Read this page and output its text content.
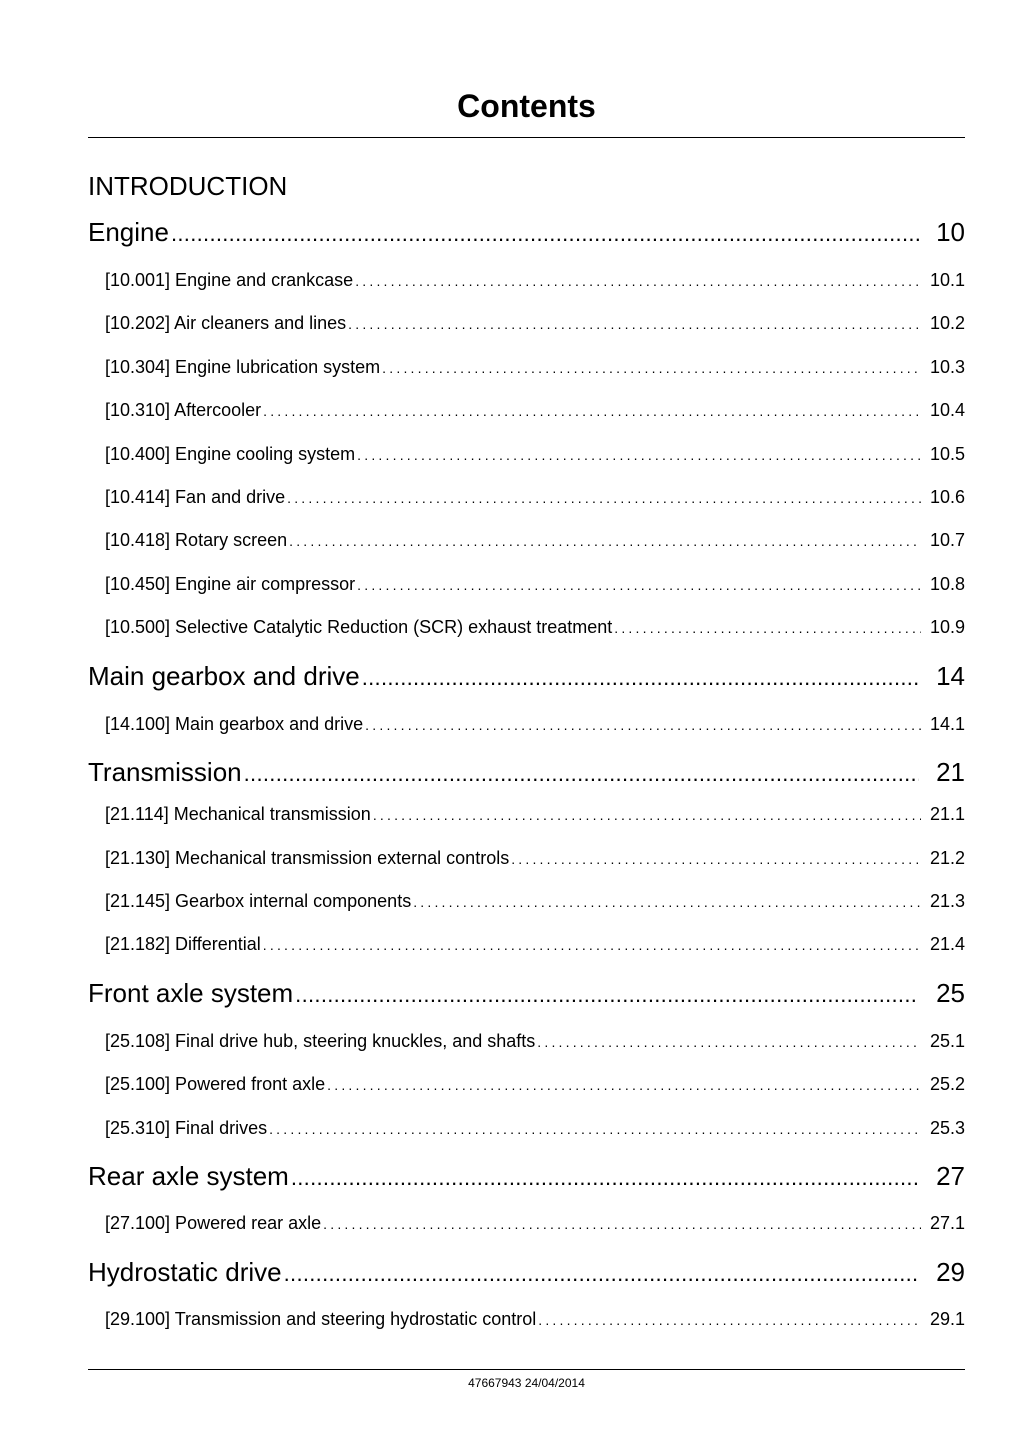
Contents
INTRODUCTION
Engine .....	10
[10.001] Engine and crankcase .....	10.1
[10.202] Air cleaners and lines .....	10.2
[10.304] Engine lubrication system .....	10.3
[10.310] Aftercooler .....	10.4
[10.400] Engine cooling system .....	10.5
[10.414] Fan and drive .....	10.6
[10.418] Rotary screen .....	10.7
[10.450] Engine air compressor .....	10.8
[10.500] Selective Catalytic Reduction (SCR) exhaust treatment .....	10.9
Main gearbox and drive .....	14
[14.100] Main gearbox and drive .....	14.1
Transmission .....	21
[21.114] Mechanical transmission .....	21.1
[21.130] Mechanical transmission external controls .....	21.2
[21.145] Gearbox internal components .....	21.3
[21.182] Differential .....	21.4
Front axle system .....	25
[25.108] Final drive hub, steering knuckles, and shafts .....	25.1
[25.100] Powered front axle .....	25.2
[25.310] Final drives .....	25.3
Rear axle system .....	27
[27.100] Powered rear axle .....	27.1
Hydrostatic drive .....	29
[29.100] Transmission and steering hydrostatic control .....	29.1
47667943 24/04/2014
